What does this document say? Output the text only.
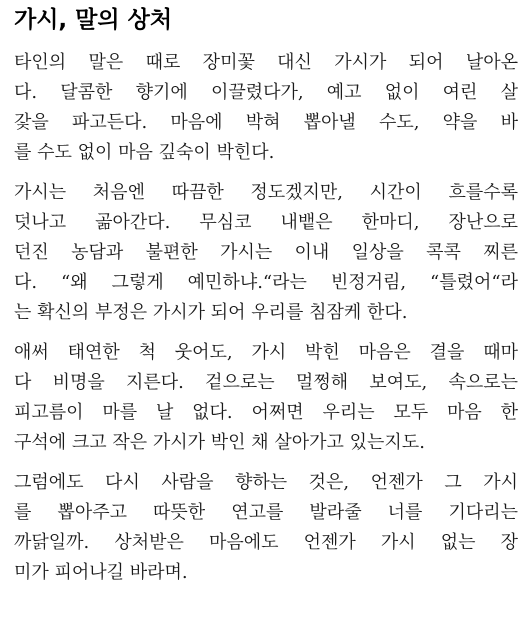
가시, 말의 상처

타인의 말은 때로 장미꽃 대신 가시가 되어 날아온
다. 달콤한 향기에 이끌렸다가, 예고 없이 여린 살
갗을 파고든다. 마음에 박혀 뽑아낼 수도, 약을 바
를 수도 없이 마음 깊숙이 박힌다.

가시는 처음엔 따끔한 정도겠지만, 시간이 흐를수록
덧나고 곪아간다. 무심코 내뱉은 한마디, 장난으로
던진 농담과 불편한 가시는 이내 일상을 콕콕 찌른
다. “왜 그렇게 예민하냐.“라는 빈정거림, “틀렸어“라
는 확신의 부정은 가시가 되어 우리를 침잠케 한다.

애써 태연한 척 웃어도, 가시 박힌 마음은 결을 때마
다 비명을 지른다. 겉으로는 멀쩡해 보여도, 속으로는
피고름이 마를 날 없다. 어쩌면 우리는 모두 마음 한
구석에 크고 작은 가시가 박인 채 살아가고 있는지도.

그럼에도 다시 사람을 향하는 것은, 언젠가 그 가시
를 뽑아주고 따뜻한 연고를 발라줄 너를 기다리는
까닭일까. 상처받은 마음에도 언젠가 가시 없는 장
미가 피어나길 바라며.
